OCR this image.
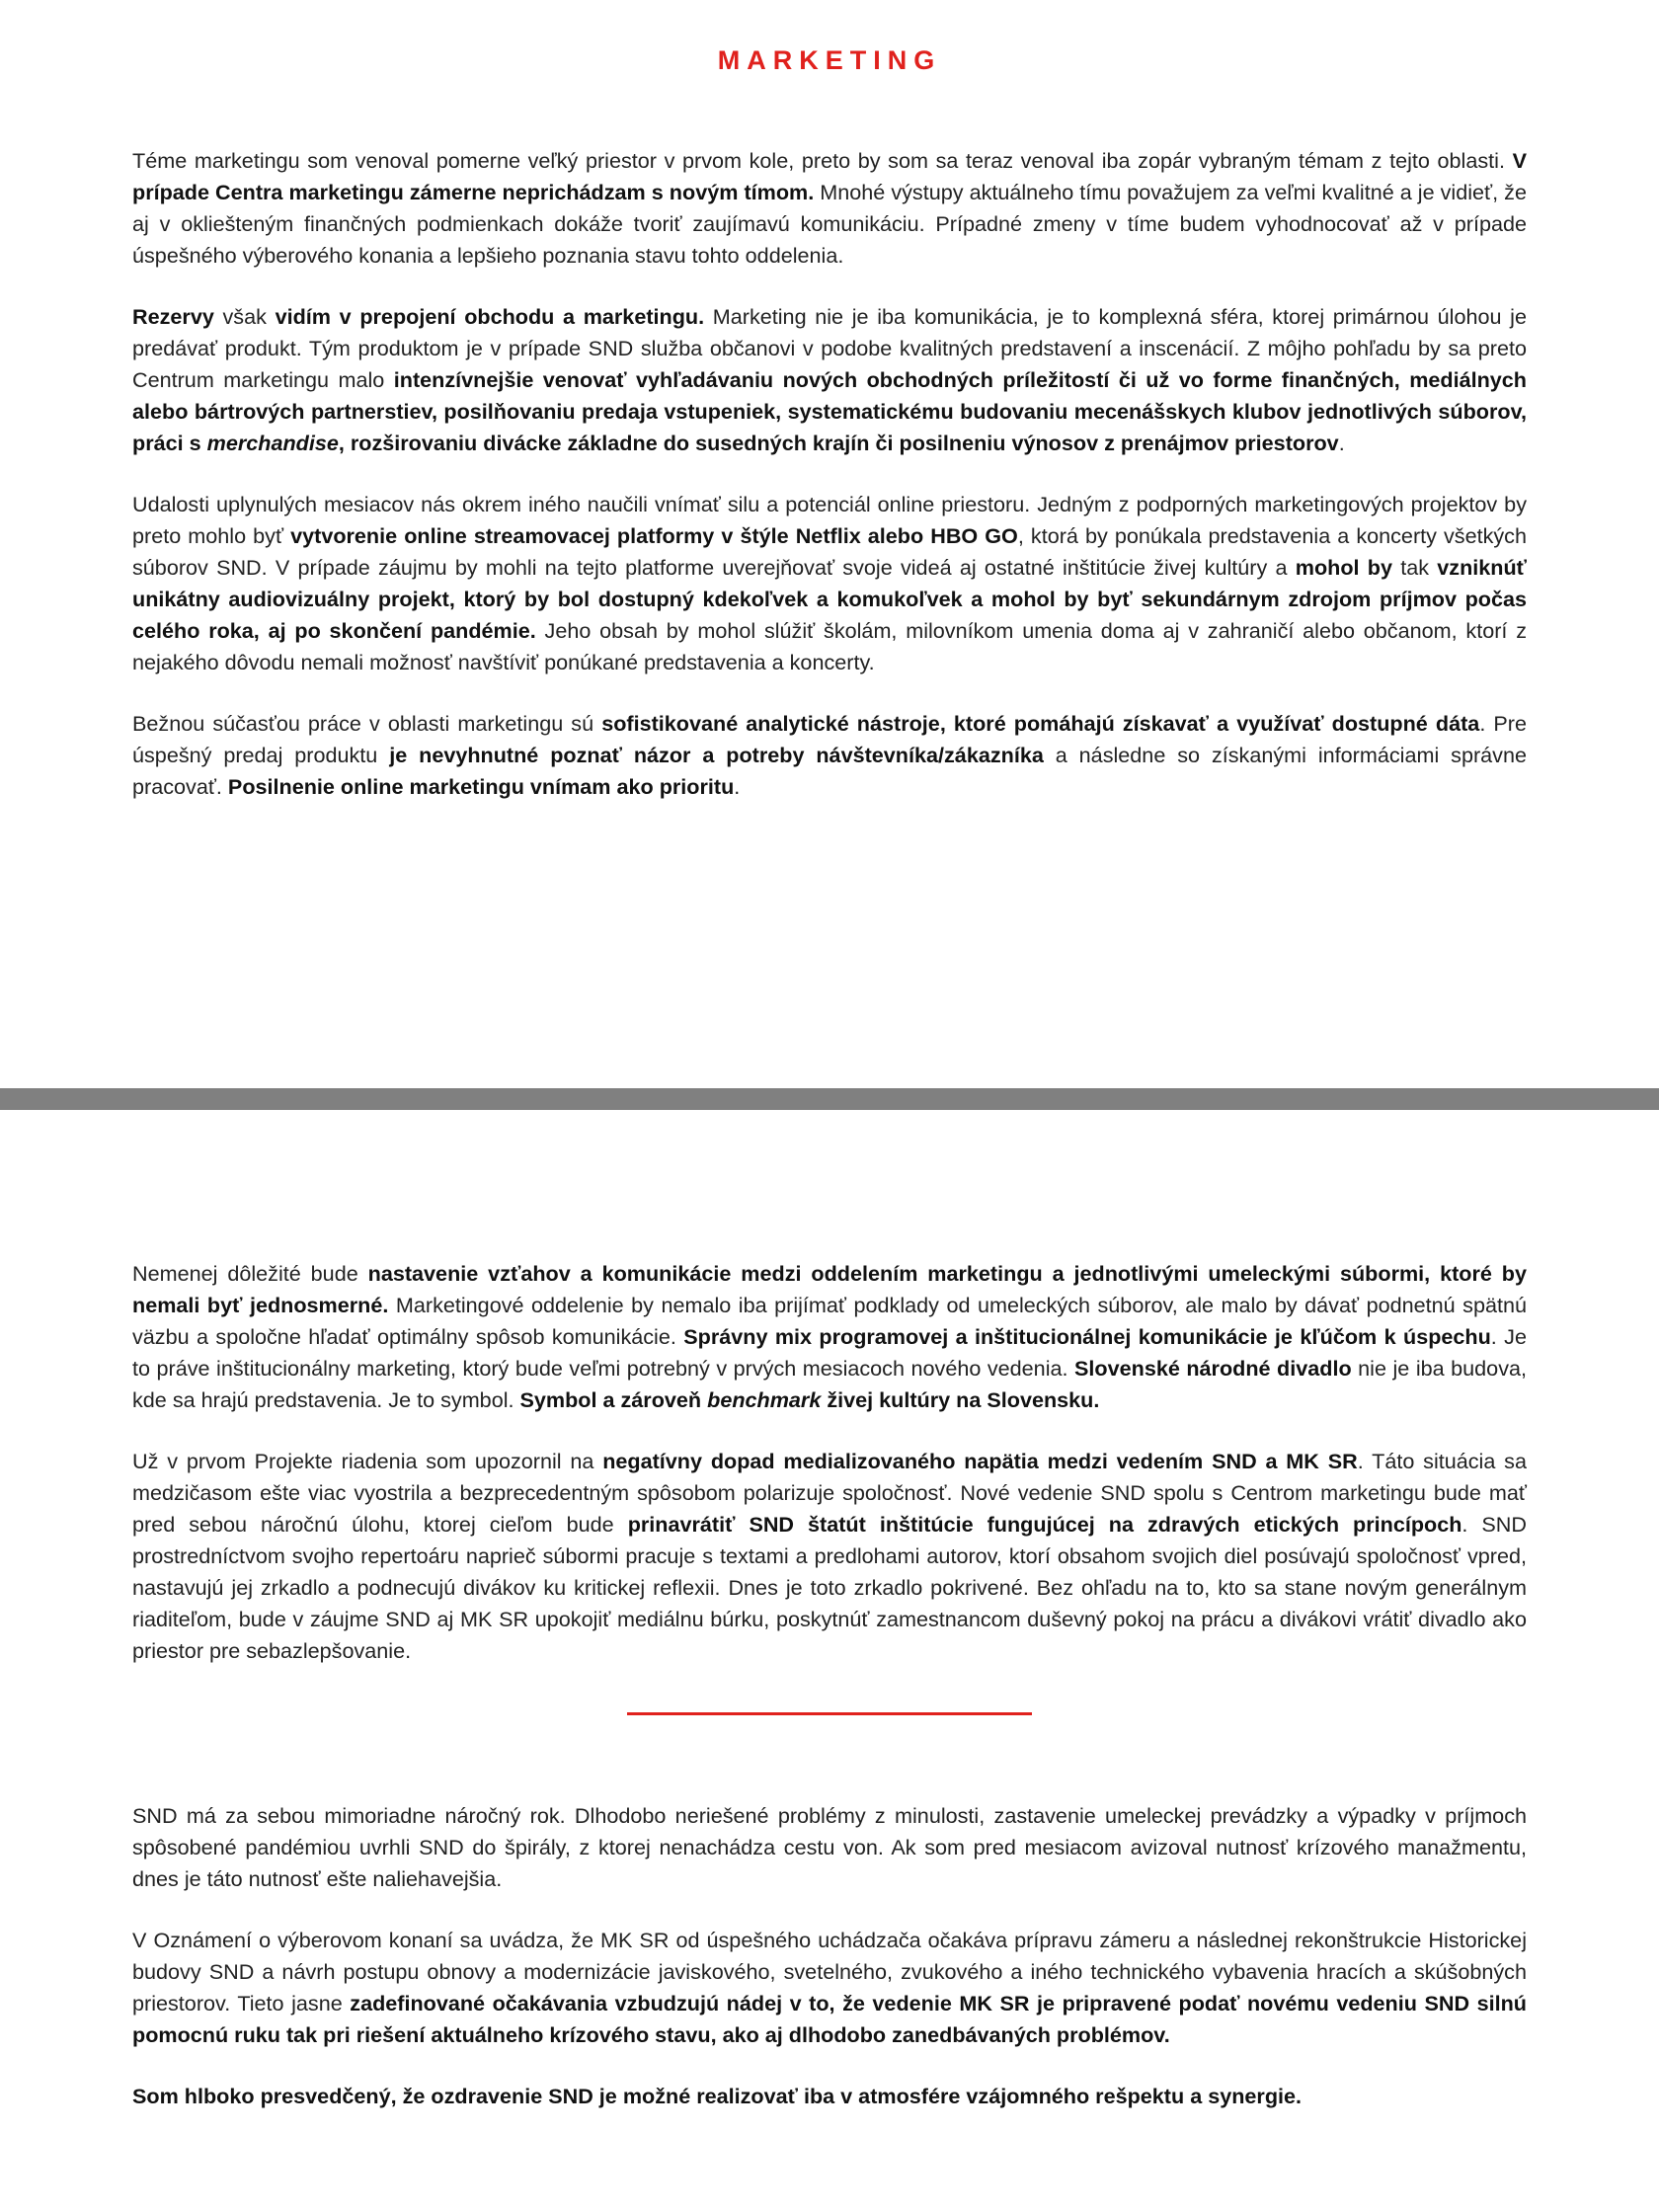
MARKETING

Téme marketingu som venoval pomerne veľký priestor v prvom kole, preto by som sa teraz venoval iba zopár vybraným témam z tejto oblasti. V prípade Centra marketingu zámerne neprichádzam s novým tímom. Mnohé výstupy aktuálneho tímu považujem za veľmi kvalitné a je vidieť, že aj v okliešteným finančných podmienkach dokáže tvoriť zaujímavú komunikáciu. Prípadné zmeny v tíme budem vyhodnocovať až v prípade úspešného výberového konania a lepšieho poznania stavu tohto oddelenia.

Rezervy však vidím v prepojení obchodu a marketingu. Marketing nie je iba komunikácia, je to komplexná sféra, ktorej primárnou úlohou je predávať produkt. Tým produktom je v prípade SND služba občanovi v podobe kvalitných predstavení a inscenácií. Z môjho pohľadu by sa preto Centrum marketingu malo intenzívnejšie venovať vyhľadávaniu nových obchodných príležitostí či už vo forme finančných, mediálnych alebo bártrových partnerstiev, posilňovaniu predaja vstupeniek, systematickému budovaniu mecenášskych klubov jednotlivých súborov, práci s merchandise, rozširovaniu divácke základne do susedných krajín či posilneniu výnosov z prenájmov priestorov.

Udalosti uplynulých mesiacov nás okrem iného naučili vnímať silu a potenciál online priestoru. Jedným z podporných marketingových projektov by preto mohlo byť vytvorenie online streamovacej platformy v štýle Netflix alebo HBO GO, ktorá by ponúkala predstavenia a koncerty všetkých súborov SND. V prípade záujmu by mohli na tejto platforme uverejňovať svoje videá aj ostatné inštitúcie živej kultúry a mohol by tak vzniknúť unikátny audiovizuálny projekt, ktorý by bol dostupný kdekoľvek a komukoľvek a mohol by byť sekundárnym zdrojom príjmov počas celého roka, aj po skončení pandémie. Jeho obsah by mohol slúžiť školám, milovníkom umenia doma aj v zahraničí alebo občanom, ktorí z nejakého dôvodu nemali možnosť navštíviť ponúkané predstavenia a koncerty.

Bežnou súčasťou práce v oblasti marketingu sú sofistikované analytické nástroje, ktoré pomáhajú získavať a využívať dostupné dáta. Pre úspešný predaj produktu je nevyhnutné poznať názor a potreby návštevníka/zákazníka a následne so získanými informáciami správne pracovať. Posilnenie online marketingu vnímam ako prioritu.

Nemenej dôležité bude nastavenie vzťahov a komunikácie medzi oddelením marketingu a jednotlivými umeleckými súbormi, ktoré by nemali byť jednosmerné. Marketingové oddelenie by nemalo iba prijímať podklady od umeleckých súborov, ale malo by dávať podnetnú spätnú väzbu a spoločne hľadať optimálny spôsob komunikácie. Správny mix programovej a inštitucionálnej komunikácie je kľúčom k úspechu. Je to práve inštitucionálny marketing, ktorý bude veľmi potrebný v prvých mesiacoch nového vedenia. Slovenské národné divadlo nie je iba budova, kde sa hrajú predstavenia. Je to symbol. Symbol a zároveň benchmark živej kultúry na Slovensku.

Už v prvom Projekte riadenia som upozornil na negatívny dopad medializovaného napätia medzi vedením SND a MK SR. Táto situácia sa medzičasom ešte viac vyostrila a bezprecedentným spôsobom polarizuje spoločnosť. Nové vedenie SND spolu s Centrom marketingu bude mať pred sebou náročnú úlohu, ktorej cieľom bude prinavrátiť SND štatút inštitúcie fungujúcej na zdravých etických princípoch. SND prostredníctvom svojho repertoáru naprieč súbormi pracuje s textami a predlohami autorov, ktorí obsahom svojich diel posúvajú spoločnosť vpred, nastavujú jej zrkadlo a podnecujú divákov ku kritickej reflexii. Dnes je toto zrkadlo pokrivené. Bez ohľadu na to, kto sa stane novým generálnym riaditeľom, bude v záujme SND aj MK SR upokojiť mediálnu búrku, poskytnúť zamestnancom duševný pokoj na prácu a divákovi vrátiť divadlo ako priestor pre sebazlepšovanie.

SND má za sebou mimoriadne náročný rok. Dlhodobo neriešené problémy z minulosti, zastavenie umeleckej prevádzky a výpadky v príjmoch spôsobené pandémiou uvrhli SND do špirály, z ktorej nenachádza cestu von. Ak som pred mesiacom avizoval nutnosť krízového manažmentu, dnes je táto nutnosť ešte naliehavejšia.

V Oznámení o výberovom konaní sa uvádza, že MK SR od úspešného uchádzača očakáva prípravu zámeru a následnej rekonštrukcie Historickej budovy SND a návrh postupu obnovy a modernizácie javiskového, svetelného, zvukového a iného technického vybavenia hracích a skúšobných priestorov. Tieto jasne zadefinované očakávania vzbudzujú nádej v to, že vedenie MK SR je pripravené podať novému vedeniu SND silnú pomocnú ruku tak pri riešení aktuálneho krízového stavu, ako aj dlhodobo zanedbávaných problémov.

Som hlboko presvedčený, že ozdravenie SND je možné realizovať iba v atmosfére vzájomného rešpektu a synergie.
